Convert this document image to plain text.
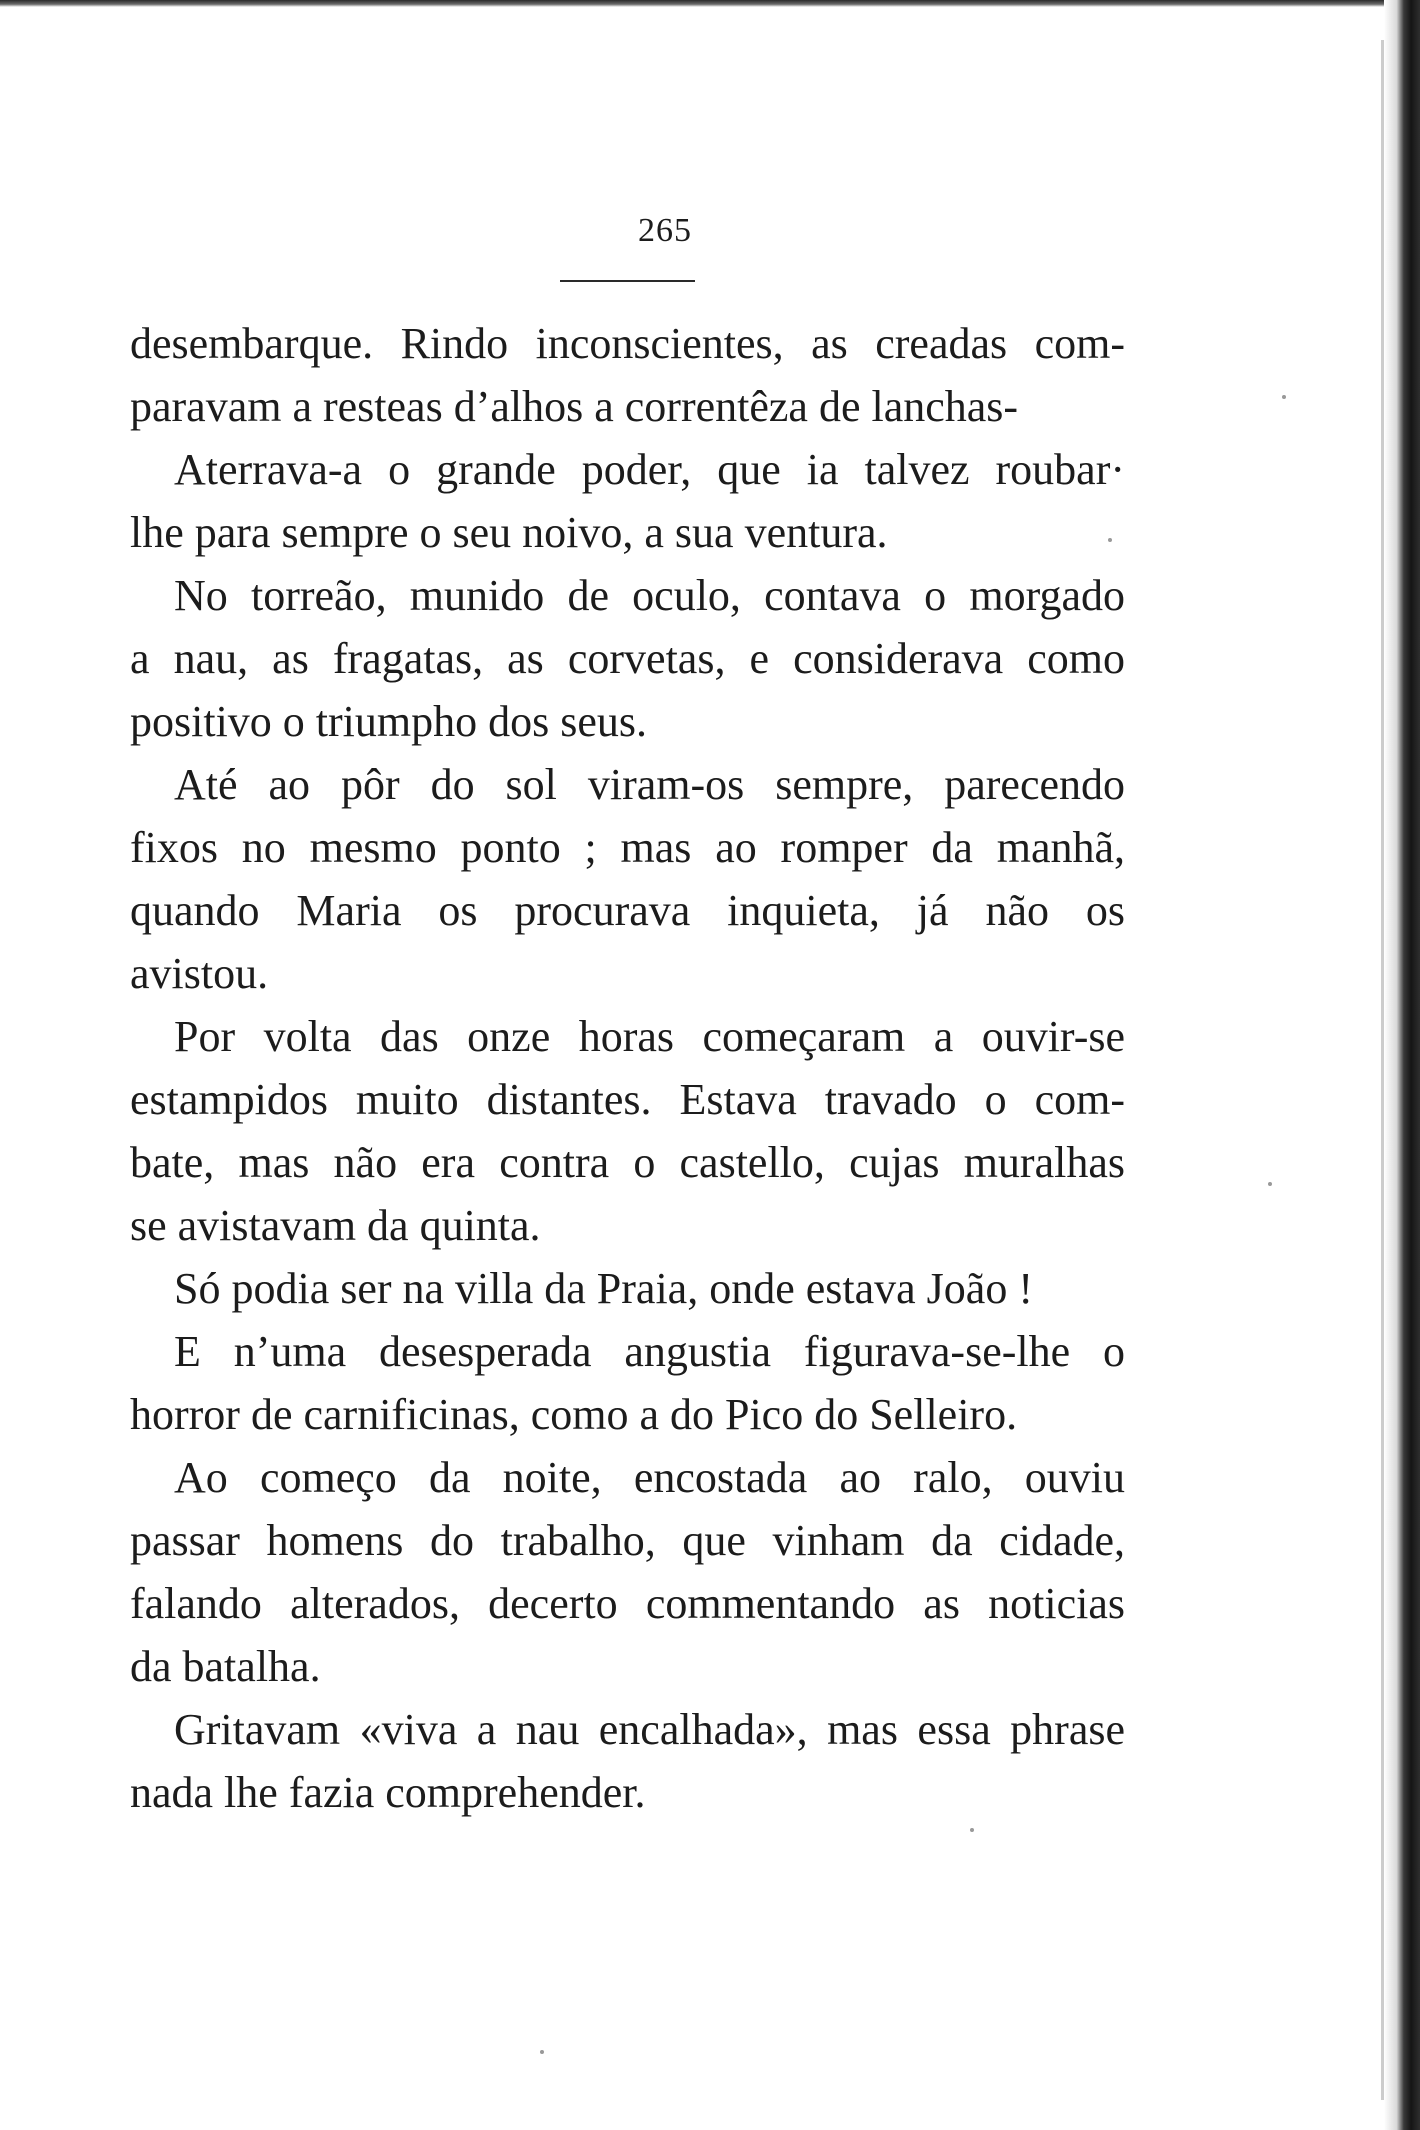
265
desembarque. Rindo inconscientes, as creadas com-
paravam a resteas d’alhos a correntêza de lanchas-
Aterrava-a o grande poder, que ia talvez roubar·
lhe para sempre o seu noivo, a sua ventura.
No torreão, munido de oculo, contava o morgado
a nau, as fragatas, as corvetas, e considerava como
positivo o triumpho dos seus.
Até ao pôr do sol viram-os sempre, parecendo
fixos no mesmo ponto ; mas ao romper da manhã,
quando Maria os procurava inquieta, já não os
avistou.
Por volta das onze horas começaram a ouvir-se
estampidos muito distantes. Estava travado o com-
bate, mas não era contra o castello, cujas muralhas
se avistavam da quinta.
Só podia ser na villa da Praia, onde estava João !
E n’uma desesperada angustia figurava-se-lhe o
horror de carnificinas, como a do Pico do Selleiro.
Ao começo da noite, encostada ao ralo, ouviu
passar homens do trabalho, que vinham da cidade,
falando alterados, decerto commentando as noticias
da batalha.
Gritavam «viva a nau encalhada», mas essa phrase
nada lhe fazia comprehender.
